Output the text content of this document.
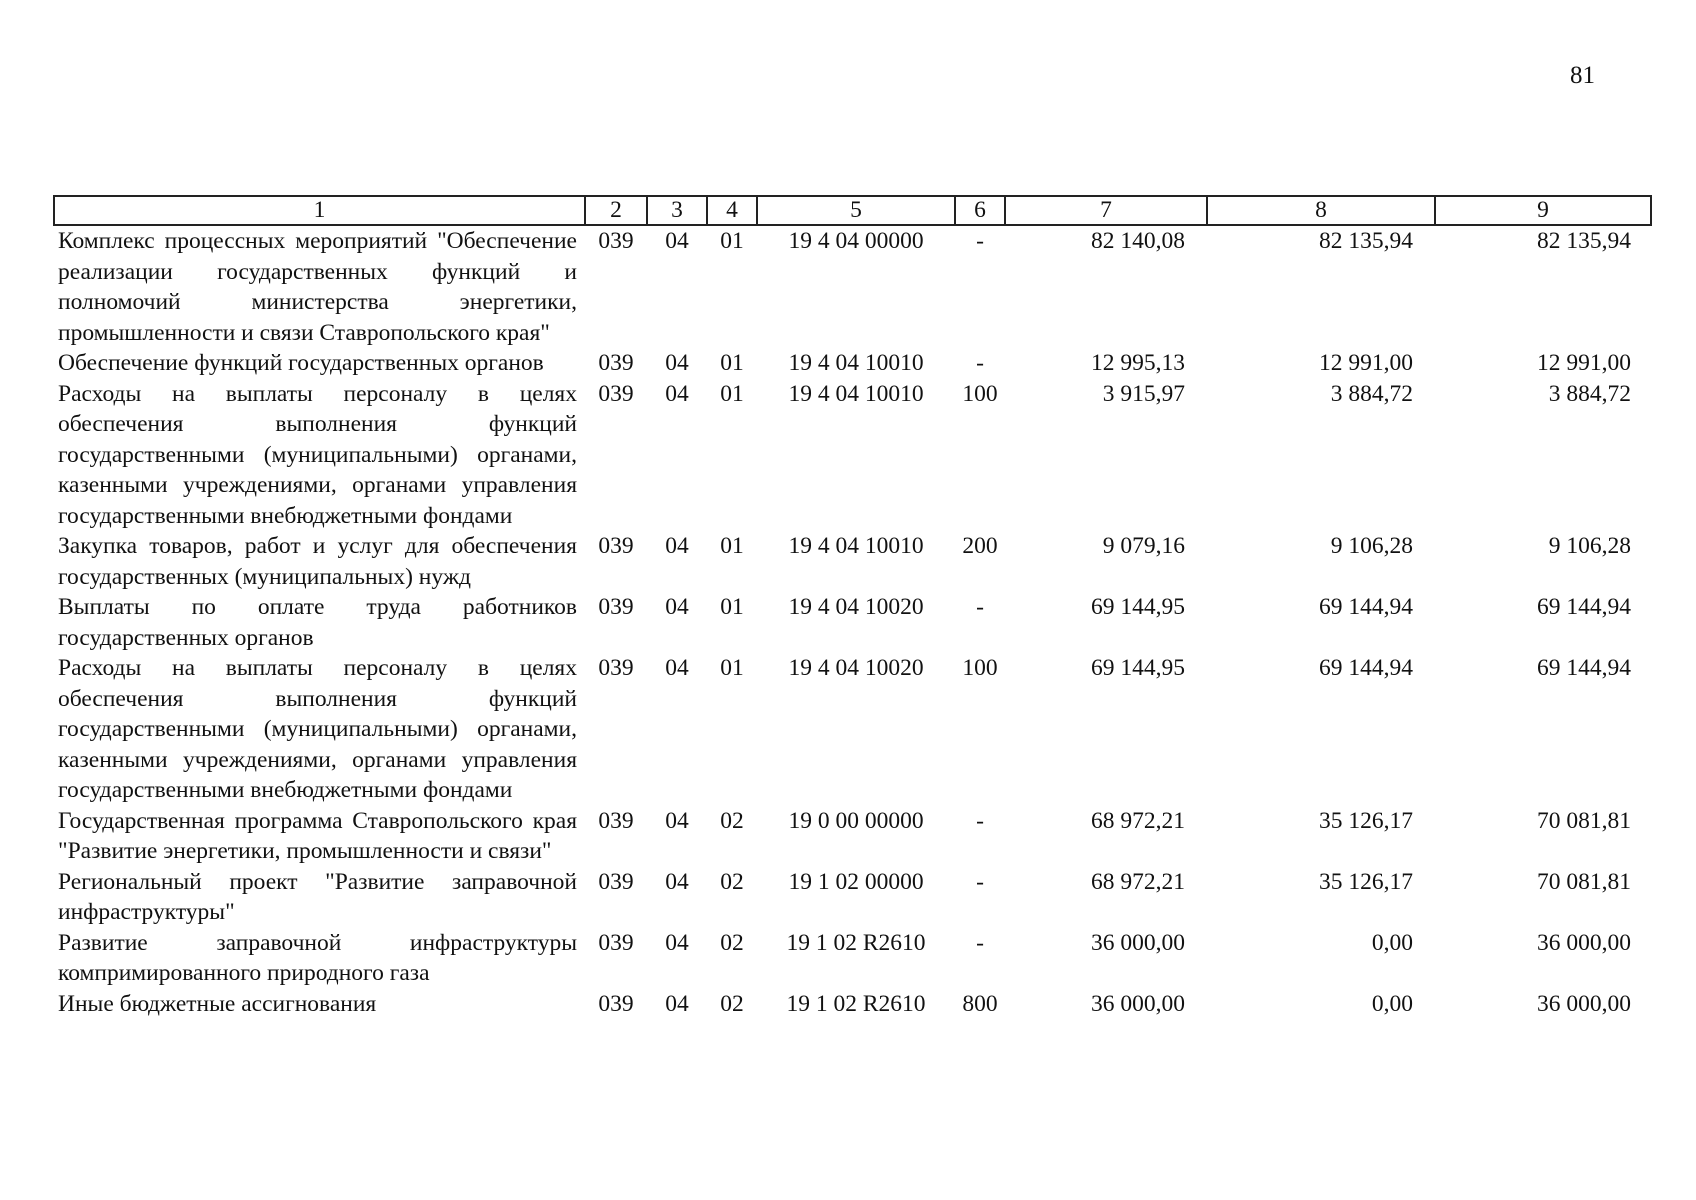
81
1	2	3	4	5	6	7	8	9
Комплекс процессных мероприятий "Обеспечение реализации государственных функций и полномочий министерства энергетики, промышленности и связи Ставропольского края"	039	04	01	19 4 04 00000	-	82 140,08	82 135,94	82 135,94
Обеспечение функций государственных органов	039	04	01	19 4 04 10010	-	12 995,13	12 991,00	12 991,00
Расходы на выплаты персоналу в целях обеспечения выполнения функций государственными (муниципальными) органами, казенными учреждениями, органами управления государственными внебюджетными фондами	039	04	01	19 4 04 10010	100	3 915,97	3 884,72	3 884,72
Закупка товаров, работ и услуг для обеспечения государственных (муниципальных) нужд	039	04	01	19 4 04 10010	200	9 079,16	9 106,28	9 106,28
Выплаты по оплате труда работников государственных органов	039	04	01	19 4 04 10020	-	69 144,95	69 144,94	69 144,94
Расходы на выплаты персоналу в целях обеспечения выполнения функций государственными (муниципальными) органами, казенными учреждениями, органами управления государственными внебюджетными фондами	039	04	01	19 4 04 10020	100	69 144,95	69 144,94	69 144,94
Государственная программа Ставропольского края "Развитие энергетики, промышленности и связи"	039	04	02	19 0 00 00000	-	68 972,21	35 126,17	70 081,81
Региональный проект "Развитие заправочной инфраструктуры"	039	04	02	19 1 02 00000	-	68 972,21	35 126,17	70 081,81
Развитие заправочной инфраструктуры компримированного природного газа	039	04	02	19 1 02 R2610	-	36 000,00	0,00	36 000,00
Иные бюджетные ассигнования	039	04	02	19 1 02 R2610	800	36 000,00	0,00	36 000,00
